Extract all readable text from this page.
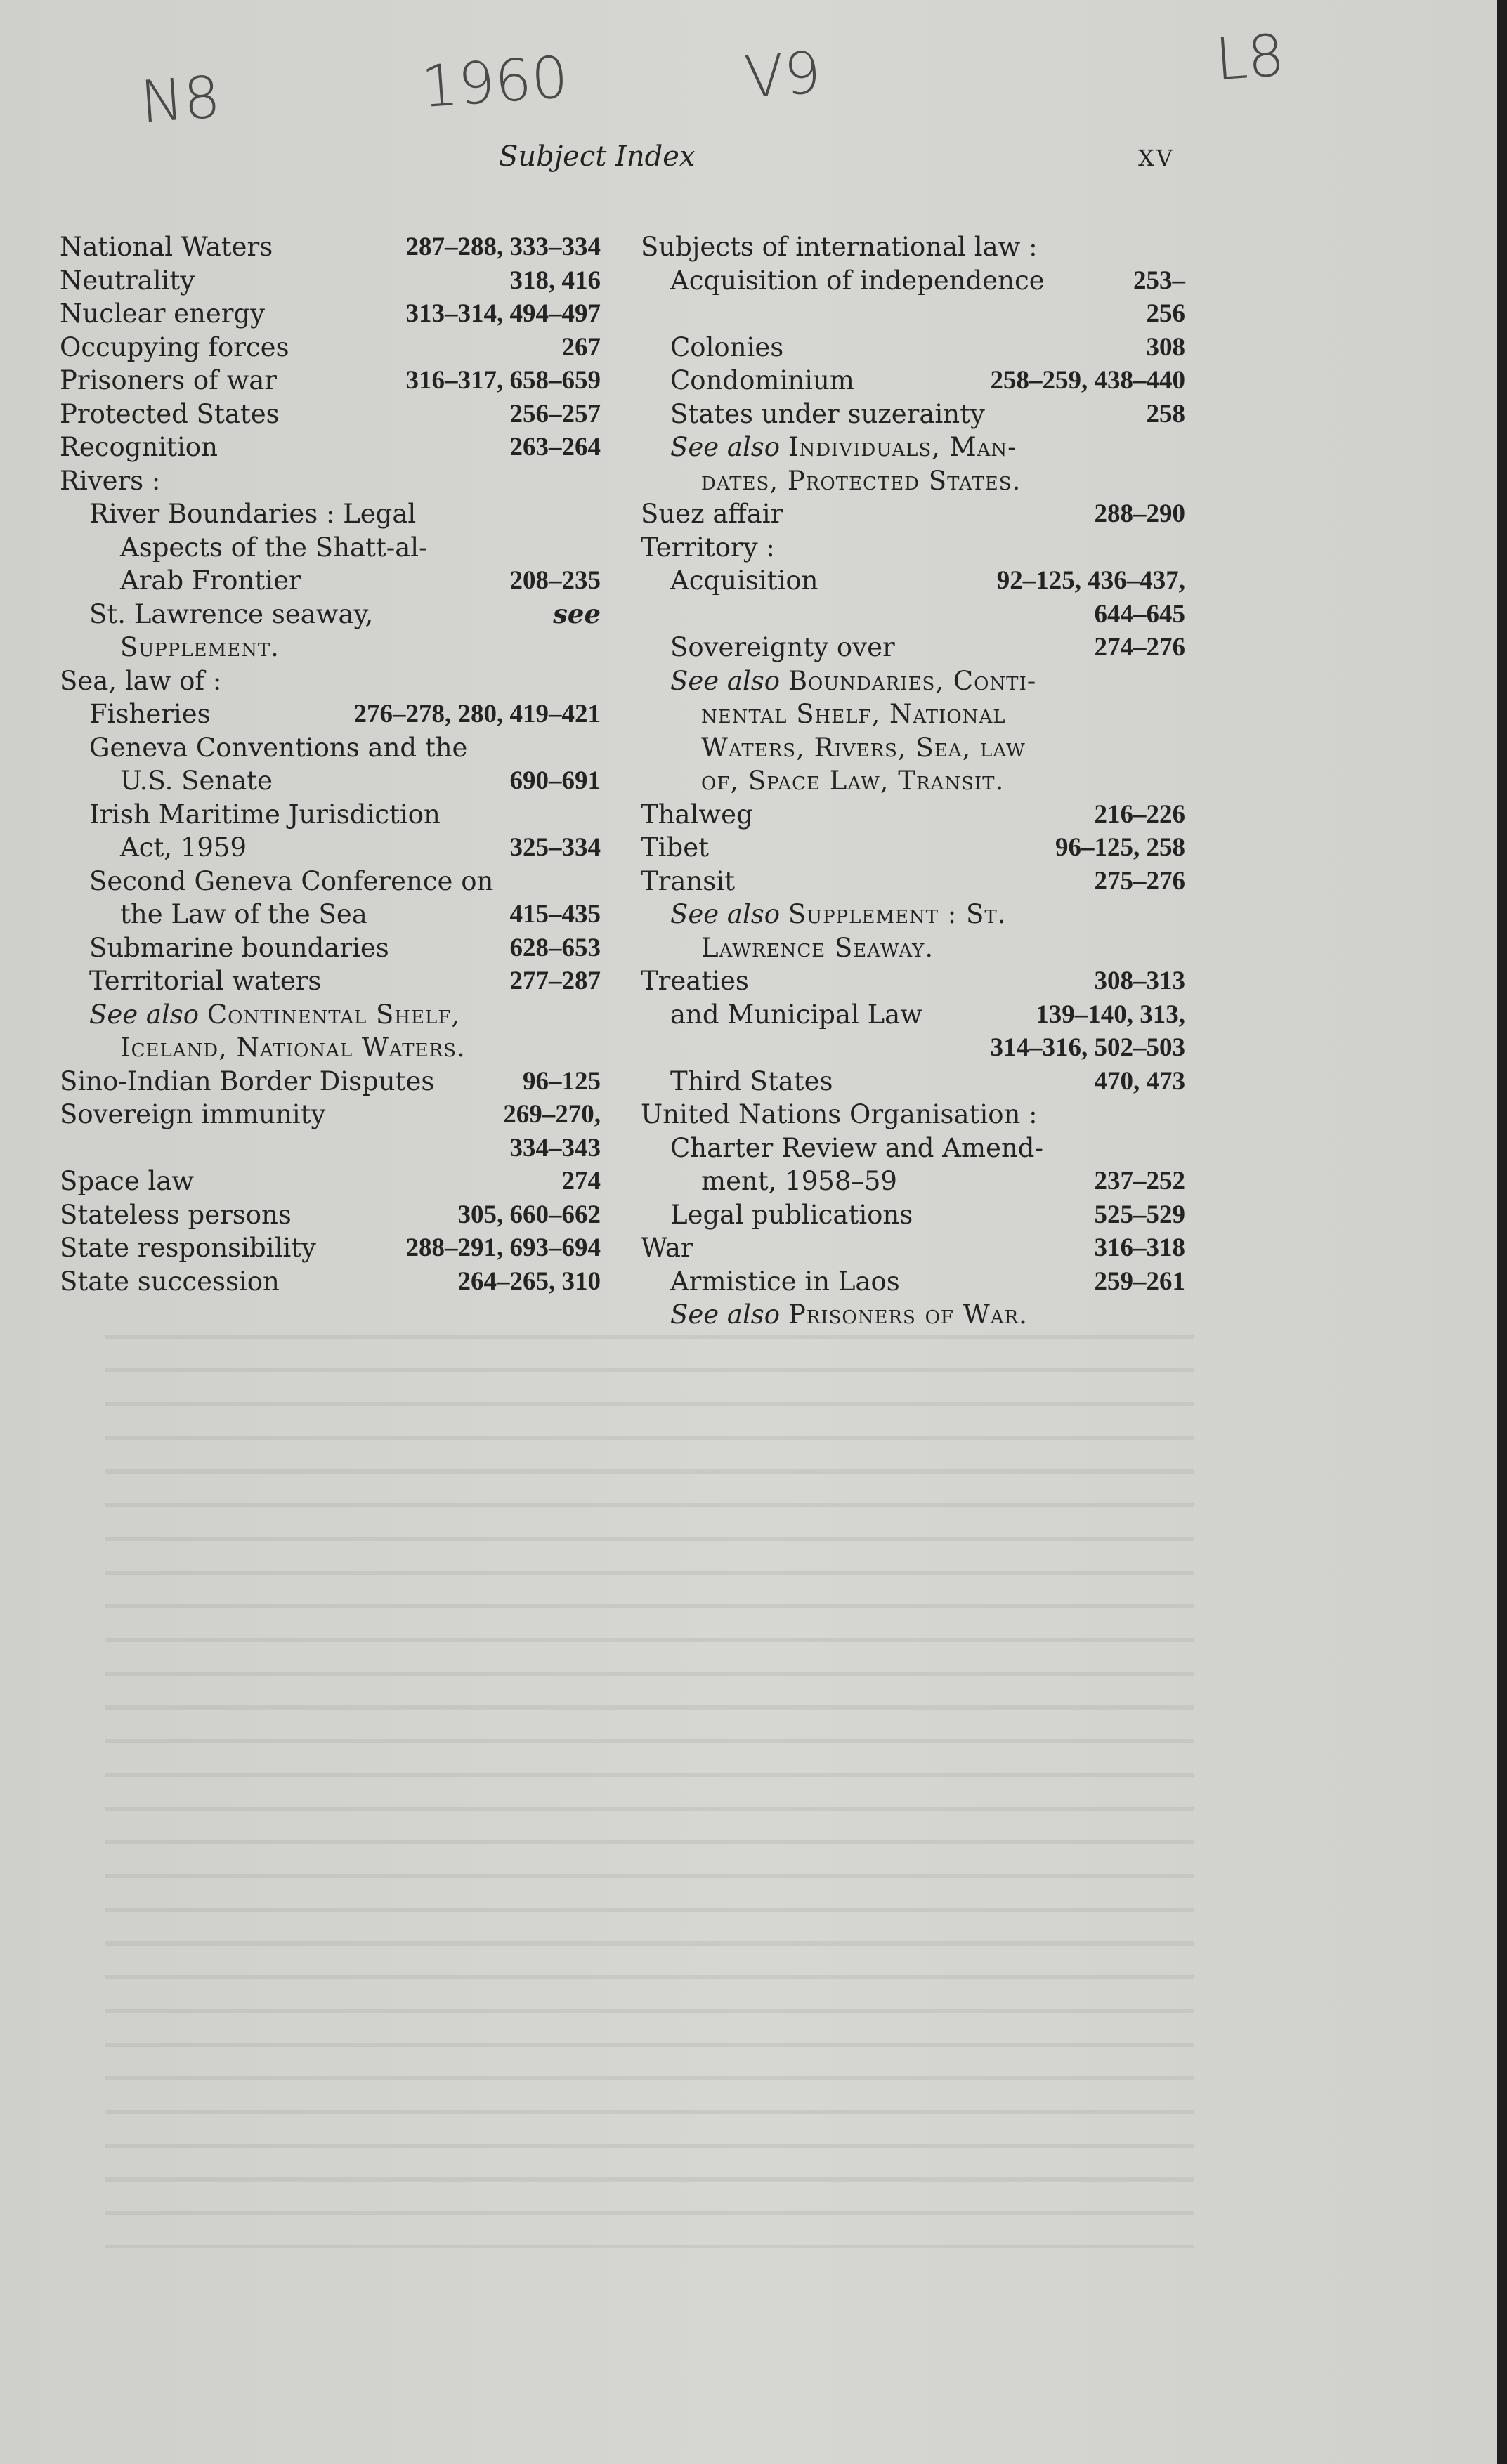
N8	1960	V9	L8
Subject Index	XV
National Waters	287–288, 333–334
Neutrality	318, 416
Nuclear energy	313–314, 494–497
Occupying forces	267
Prisoners of war	316–317, 658–659
Protected States	256–257
Recognition	263–264
Rivers :
River Boundaries : Legal
Aspects of the Shatt-al-
Arab Frontier	208–235
St. Lawrence seaway,	see
Supplement.
Sea, law of :
Fisheries	276–278, 280, 419–421
Geneva Conventions and the
U.S. Senate	690–691
Irish Maritime Jurisdiction
Act, 1959	325–334
Second Geneva Conference on
the Law of the Sea	415–435
Submarine boundaries	628–653
Territorial waters	277–287
See also Continental Shelf,
Iceland, National Waters.
Sino-Indian Border Disputes	96–125
Sovereign immunity	269–270,
334–343
Space law	274
Stateless persons	305, 660–662
State responsibility	288–291, 693–694
State succession	264–265, 310
Subjects of international law :
Acquisition of independence	253–
256
Colonies	308
Condominium	258–259, 438–440
States under suzerainty	258
See also Individuals, Man-
dates, Protected States.
Suez affair	288–290
Territory :
Acquisition	92–125, 436–437,
644–645
Sovereignty over	274–276
See also Boundaries, Conti-
nental Shelf, National
Waters, Rivers, Sea, law
of, Space Law, Transit.
Thalweg	216–226
Tibet	96–125, 258
Transit	275–276
See also Supplement : St.
Lawrence Seaway.
Treaties	308–313
and Municipal Law	139–140, 313,
314–316, 502–503
Third States	470, 473
United Nations Organisation :
Charter Review and Amend-
ment, 1958–59	237–252
Legal publications	525–529
War	316–318
Armistice in Laos	259–261
See also Prisoners of War.
